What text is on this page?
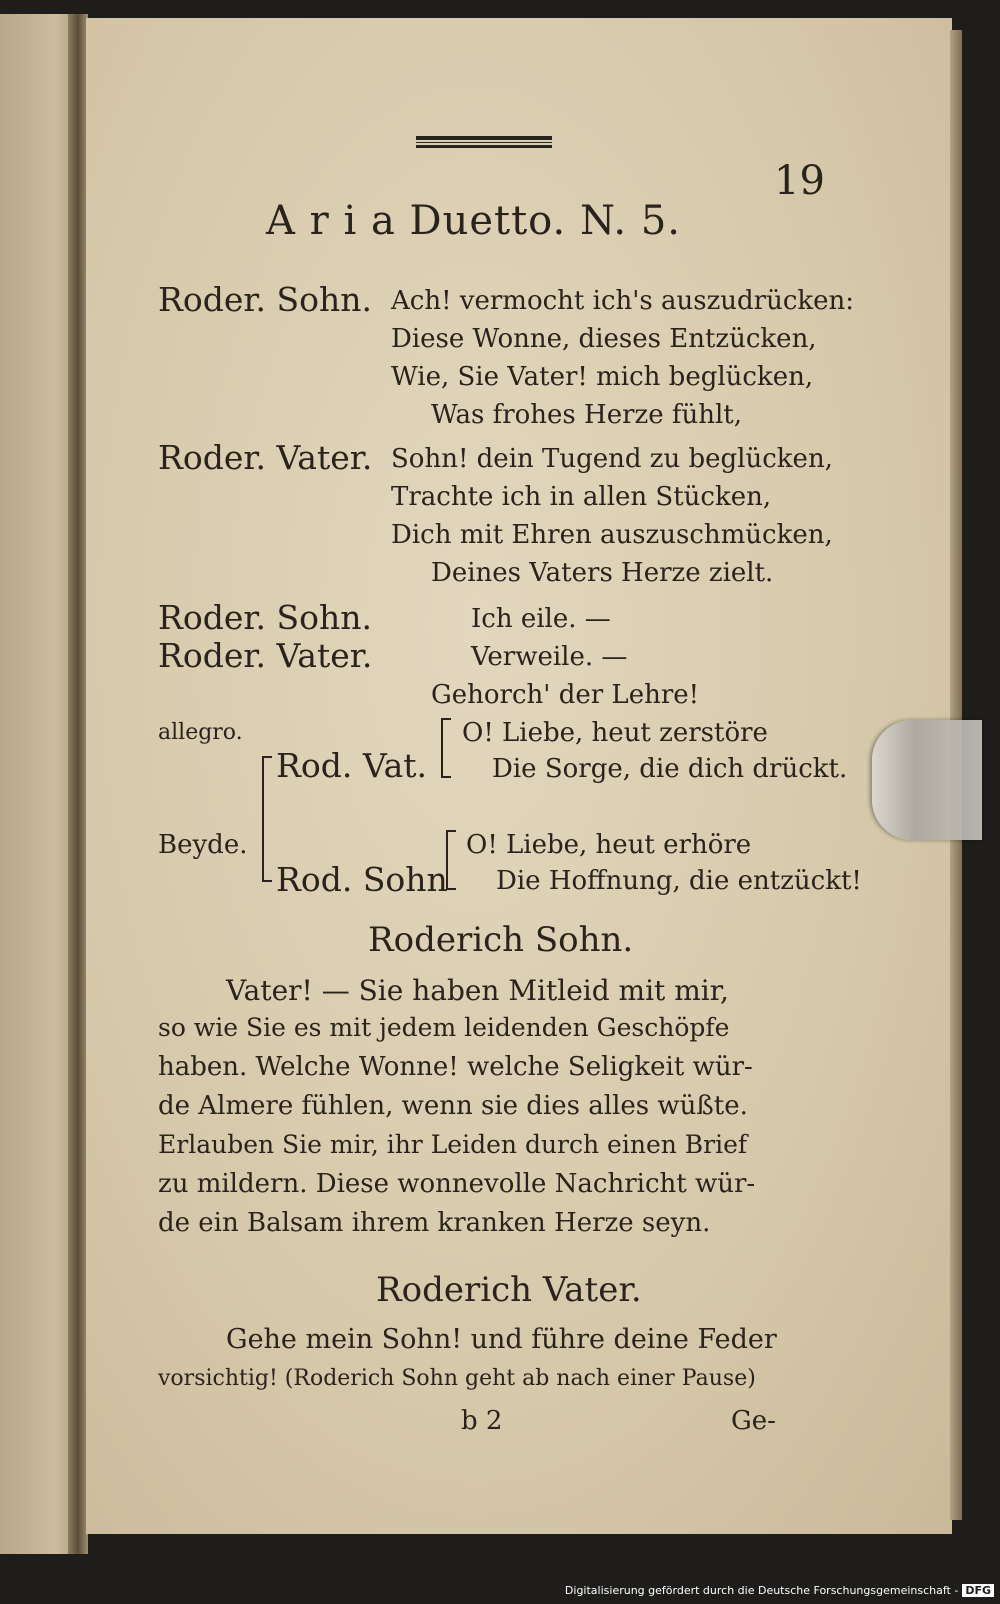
19
A r i a Duetto. N. 5.
Roder. Sohn. Ach! vermocht ich's auszudrücken:
Diese Wonne, dieses Entzücken,
Wie, Sie Vater! mich beglücken,
Was frohes Herze fühlt,
Roder. Vater. Sohn! dein Tugend zu beglücken,
Trachte ich in allen Stücken,
Dich mit Ehren auszuschmücken,
Deines Vaters Herze zielt.
Roder. Sohn.	Ich eile. —
Roder. Vater.	Verweile. —
Gehorch' der Lehre!
allegro.	O! Liebe, heut zerstöre
Rod. Vat. Die Sorge, die dich drückt.
Beyde.	O! Liebe, heut erhöre
Rod. Sohn Die Hoffnung, die entzückt!
Roderich Sohn.
Vater! — Sie haben Mitleid mit mir,
so wie Sie es mit jedem leidenden Geschöpfe
haben. Welche Wonne! welche Seligkeit wür-
de Almere fühlen, wenn sie dies alles wüßte.
Erlauben Sie mir, ihr Leiden durch einen Brief
zu mildern. Diese wonnevolle Nachricht wür-
de ein Balsam ihrem kranken Herze seyn.
Roderich Vater.
Gehe mein Sohn! und führe deine Feder
vorsichtig! (Roderich Sohn geht ab nach einer Pause)
b 2	Ge-
Digitalisierung gefördert durch die Deutsche Forschungsgemeinschaft - DFG
